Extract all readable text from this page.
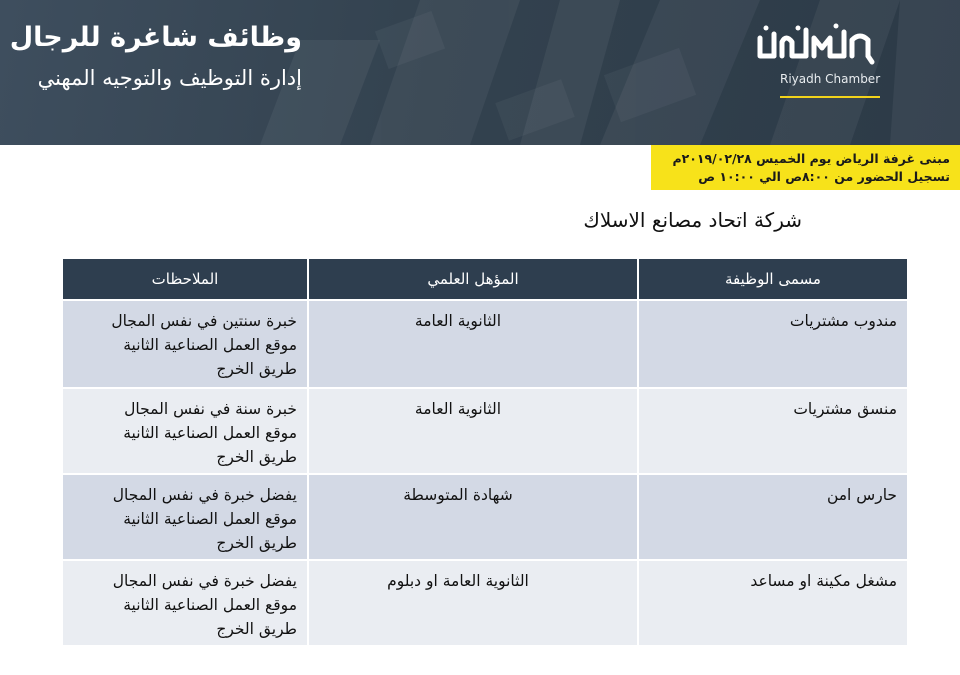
وظائف شاغرة للرجال
إدارة التوظيف والتوجيه المهني	Riyadh Chamber
مبنى غرفة الرياض يوم الخميس ٢٠١٩/٠٢/٢٨م
تسجيل الحضور من ٨:٠٠ص الي ١٠:٠٠ ص
شركة اتحاد مصانع الاسلاك
مسمى الوظيفة	المؤهل العلمي	الملاحظات
مندوب مشتريات	الثانوية العامة	خبرة سنتين في نفس المجال
موقع العمل الصناعية الثانية
طريق الخرج

منسق مشتريات	الثانوية العامة	خبرة سنة في نفس المجال
موقع العمل الصناعية الثانية
طريق الخرج

حارس امن	شهادة المتوسطة	يفضل خبرة في نفس المجال
موقع العمل الصناعية الثانية
طريق الخرج

مشغل مكينة او مساعد	الثانوية العامة او دبلوم	يفضل خبرة في نفس المجال
موقع العمل الصناعية الثانية
طريق الخرج
